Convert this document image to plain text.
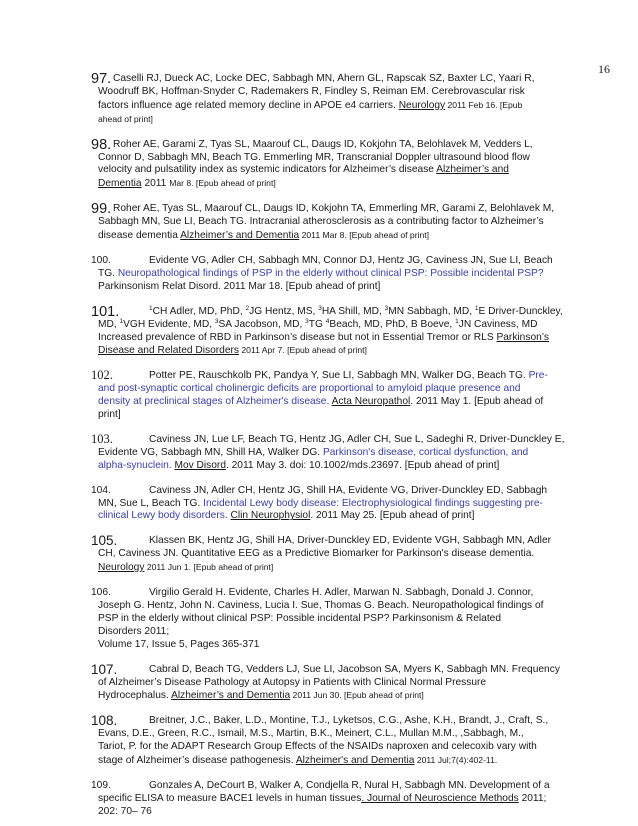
16
97. Caselli RJ, Dueck AC, Locke DEC, Sabbagh MN, Ahern GL, Rapscak SZ, Baxter LC, Yaari R,
Woodruff BK, Hoffman-Snyder C, Rademakers R, Findley S, Reiman EM. Cerebrovascular risk
factors influence age related memory decline in APOE e4 carriers. Neurology 2011 Feb 16. [Epub
ahead of print]
98. Roher AE, Garami Z, Tyas SL, Maarouf CL, Daugs ID, Kokjohn TA, Belohlavek M, Vedders L,
Connor D, Sabbagh MN, Beach TG. Emmerling MR, Transcranial Doppler ultrasound blood flow
velocity and pulsatility index as systemic indicators for Alzheimer’s disease Alzheimer’s and
Dementia 2011 Mar 8. [Epub ahead of print]
99. Roher AE, Tyas SL, Maarouf CL, Daugs ID, Kokjohn TA, Emmerling MR, Garami Z, Belohlavek M,
Sabbagh MN, Sue LI, Beach TG. Intracranial atherosclerosis as a contributing factor to Alzheimer’s
disease dementia Alzheimer’s and Dementia 2011 Mar 8. [Epub ahead of print]
100.	Evidente VG, Adler CH, Sabbagh MN, Connor DJ, Hentz JG, Caviness JN, Sue LI, Beach
TG. Neuropathological findings of PSP in the elderly without clinical PSP: Possible incidental PSP?
Parkinsonism Relat Disord. 2011 Mar 18. [Epub ahead of print]
101.	$^1$CH Adler, MD, PhD, $^2$JG Hentz, MS, $^3$HA Shill, MD, $^3$MN Sabbagh, MD, $^1$E Driver-Dunckley,
MD, $^1$VGH Evidente, MD, $^3$SA Jacobson, MD, $^3$TG $^4$Beach, MD, PhD, B Boeve, $^1$JN Caviness, MD
Increased prevalence of RBD in Parkinson’s disease but not in Essential Tremor or RLS Parkinson’s
Disease and Related Disorders 2011 Apr 7. [Epub ahead of print]
102.	Potter PE, Rauschkolb PK, Pandya Y, Sue LI, Sabbagh MN, Walker DG, Beach TG. Pre-
and post-synaptic cortical cholinergic deficits are proportional to amyloid plaque presence and
density at preclinical stages of Alzheimer's disease. Acta Neuropathol. 2011 May 1. [Epub ahead of
print]
103.	Caviness JN, Lue LF, Beach TG, Hentz JG, Adler CH, Sue L, Sadeghi R, Driver-Dunckley E,
Evidente VG, Sabbagh MN, Shill HA, Walker DG. Parkinson's disease, cortical dysfunction, and
alpha-synuclein. Mov Disord. 2011 May 3. doi: 10.1002/mds.23697. [Epub ahead of print]
104.	Caviness JN, Adler CH, Hentz JG, Shill HA, Evidente VG, Driver-Dunckley ED, Sabbagh
MN, Sue L, Beach TG. Incidental Lewy body disease: Electrophysiological findings suggesting pre-
clinical Lewy body disorders. Clin Neurophysiol. 2011 May 25. [Epub ahead of print]
105.	Klassen BK, Hentz JG, Shill HA, Driver-Dunckley ED, Evidente VGH, Sabbagh MN, Adler
CH, Caviness JN. Quantitative EEG as a Predictive Biomarker for Parkinson's disease dementia.
Neurology 2011 Jun 1. [Epub ahead of print]
106.	Virgilio Gerald H. Evidente, Charles H. Adler, Marwan N. Sabbagh, Donald J. Connor,
Joseph G. Hentz, John N. Caviness, Lucia I. Sue, Thomas G. Beach. Neuropathological findings of
PSP in the elderly without clinical PSP: Possible incidental PSP? Parkinsonism & Related
Disorders 2011;
Volume 17, Issue 5, Pages 365-371
107.	Cabral D, Beach TG, Vedders LJ, Sue LI, Jacobson SA, Myers K, Sabbagh MN. Frequency
of Alzheimer’s Disease Pathology at Autopsy in Patients with Clinical Normal Pressure
Hydrocephalus. Alzheimer’s and Dementia 2011 Jun 30. [Epub ahead of print]
108.	Breitner, J.C., Baker, L.D., Montine, T.J., Lyketsos, C.G., Ashe, K.H., Brandt, J., Craft, S.,
Evans, D.E., Green, R.C., Ismail, M.S., Martin, B.K., Meinert, C.L., Mullan M.M., ,Sabbagh, M.,
Tariot, P. for the ADAPT Research Group Effects of the NSAIDs naproxen and celecoxib vary with
stage of Alzheimer’s disease pathogenesis. Alzheimer's and Dementia 2011 Jul;7(4):402-11.
109.	Gonzales A, DeCourt B, Walker A, Condjella R, Nural H, Sabbagh MN. Development of a
specific ELISA to measure BACE1 levels in human tissues. Journal of Neuroscience Methods 2011;
202: 70– 76
